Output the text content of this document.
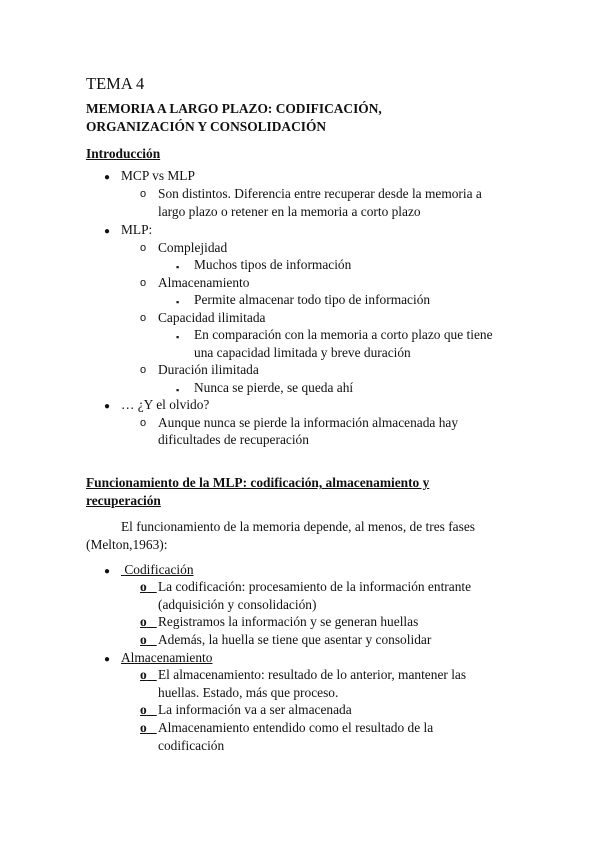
TEMA 4
MEMORIA A LARGO PLAZO: CODIFICACIÓN,
ORGANIZACIÓN Y CONSOLIDACIÓN
Introducción
● MCP vs MLP
o Son distintos. Diferencia entre recuperar desde la memoria a
largo plazo o retener en la memoria a corto plazo
● MLP:
o Complejidad
▪ Muchos tipos de información
o Almacenamiento
▪ Permite almacenar todo tipo de información
o Capacidad ilimitada
▪ En comparación con la memoria a corto plazo que tiene
una capacidad limitada y breve duración
o Duración ilimitada
▪ Nunca se pierde, se queda ahí
● … ¿Y el olvido?
o Aunque nunca se pierde la información almacenada hay
dificultades de recuperación
Funcionamiento de la MLP: codificación, almacenamiento y
recuperación
El funcionamiento de la memoria depende, al menos, de tres fases
(Melton,1963):
● Codificación
o La codificación: procesamiento de la información entrante
(adquisición y consolidación)
o Registramos la información y se generan huellas
o Además, la huella se tiene que asentar y consolidar
● Almacenamiento
o El almacenamiento: resultado de lo anterior, mantener las
huellas. Estado, más que proceso.
o La información va a ser almacenada
o Almacenamiento entendido como el resultado de la
codificación
